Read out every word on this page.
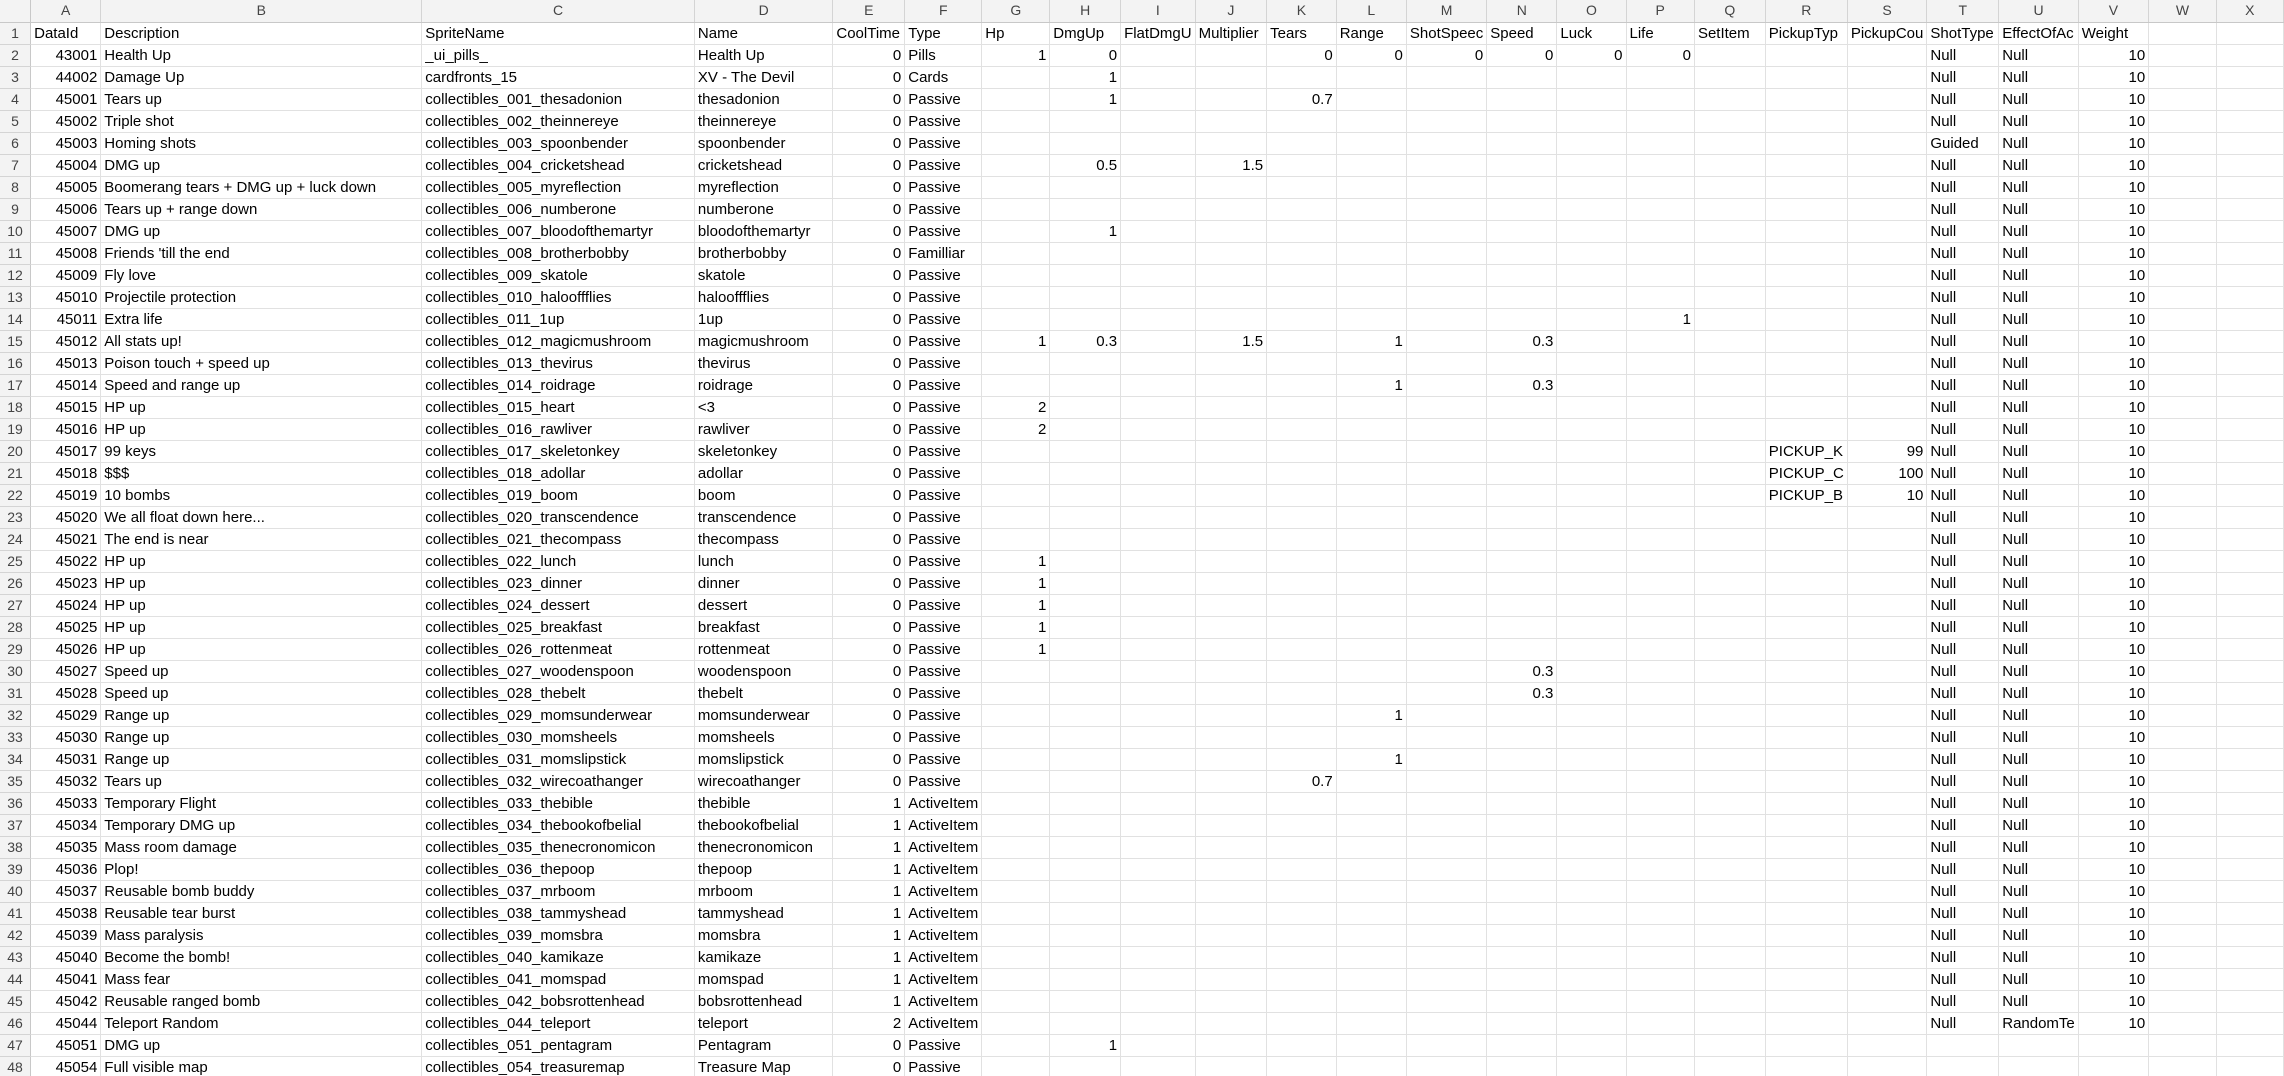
	A	B	C	D	E	F	G	H	I	J	K	L	M	N	O	P	Q	R	S	T	U	V	W	X
1	DataId	Description	SpriteName	Name	CoolTime	Type	Hp	DmgUp	FlatDmgU	Multiplier	Tears	Range	ShotSpeec	Speed	Luck	Life	SetItem	PickupTyp	PickupCou	ShotType	EffectOfAc	Weight		
2	43001	Health Up	_ui_pills_	Health Up	0	Pills	1	0			0	0	0	0	0	0				Null	Null	10		
3	44002	Damage Up	cardfronts_15	XV - The Devil	0	Cards		1												Null	Null	10		
4	45001	Tears up	collectibles_001_thesadonion	thesadonion	0	Passive		1			0.7									Null	Null	10		
5	45002	Triple shot	collectibles_002_theinnereye	theinnereye	0	Passive														Null	Null	10		
6	45003	Homing shots	collectibles_003_spoonbender	spoonbender	0	Passive														Guided	Null	10		
7	45004	DMG up	collectibles_004_cricketshead	cricketshead	0	Passive		0.5		1.5										Null	Null	10		
8	45005	Boomerang tears + DMG up + luck down	collectibles_005_myreflection	myreflection	0	Passive														Null	Null	10		
9	45006	Tears up + range down	collectibles_006_numberone	numberone	0	Passive														Null	Null	10		
10	45007	DMG up	collectibles_007_bloodofthemartyr	bloodofthemartyr	0	Passive		1												Null	Null	10		
11	45008	Friends 'till the end	collectibles_008_brotherbobby	brotherbobby	0	Familliar														Null	Null	10		
12	45009	Fly love	collectibles_009_skatole	skatole	0	Passive														Null	Null	10		
13	45010	Projectile protection	collectibles_010_halooffflies	halooffflies	0	Passive														Null	Null	10		
14	45011	Extra life	collectibles_011_1up	1up	0	Passive										1				Null	Null	10		
15	45012	All stats up!	collectibles_012_magicmushroom	magicmushroom	0	Passive	1	0.3		1.5		1		0.3						Null	Null	10		
16	45013	Poison touch + speed up	collectibles_013_thevirus	thevirus	0	Passive														Null	Null	10		
17	45014	Speed and range up	collectibles_014_roidrage	roidrage	0	Passive						1		0.3						Null	Null	10		
18	45015	HP up	collectibles_015_heart	<3	0	Passive	2													Null	Null	10		
19	45016	HP up	collectibles_016_rawliver	rawliver	0	Passive	2													Null	Null	10		
20	45017	99 keys	collectibles_017_skeletonkey	skeletonkey	0	Passive												PICKUP_K	99	Null	Null	10		
21	45018	$$$	collectibles_018_adollar	adollar	0	Passive												PICKUP_C	100	Null	Null	10		
22	45019	10 bombs	collectibles_019_boom	boom	0	Passive												PICKUP_B	10	Null	Null	10		
23	45020	We all float down here...	collectibles_020_transcendence	transcendence	0	Passive														Null	Null	10		
24	45021	The end is near	collectibles_021_thecompass	thecompass	0	Passive														Null	Null	10		
25	45022	HP up	collectibles_022_lunch	lunch	0	Passive	1													Null	Null	10		
26	45023	HP up	collectibles_023_dinner	dinner	0	Passive	1													Null	Null	10		
27	45024	HP up	collectibles_024_dessert	dessert	0	Passive	1													Null	Null	10		
28	45025	HP up	collectibles_025_breakfast	breakfast	0	Passive	1													Null	Null	10		
29	45026	HP up	collectibles_026_rottenmeat	rottenmeat	0	Passive	1													Null	Null	10		
30	45027	Speed up	collectibles_027_woodenspoon	woodenspoon	0	Passive								0.3						Null	Null	10		
31	45028	Speed up	collectibles_028_thebelt	thebelt	0	Passive								0.3						Null	Null	10		
32	45029	Range up	collectibles_029_momsunderwear	momsunderwear	0	Passive						1								Null	Null	10		
33	45030	Range up	collectibles_030_momsheels	momsheels	0	Passive														Null	Null	10		
34	45031	Range up	collectibles_031_momslipstick	momslipstick	0	Passive						1								Null	Null	10		
35	45032	Tears up	collectibles_032_wirecoathanger	wirecoathanger	0	Passive					0.7									Null	Null	10		
36	45033	Temporary Flight	collectibles_033_thebible	thebible	1	ActiveItem														Null	Null	10		
37	45034	Temporary DMG up	collectibles_034_thebookofbelial	thebookofbelial	1	ActiveItem														Null	Null	10		
38	45035	Mass room damage	collectibles_035_thenecronomicon	thenecronomicon	1	ActiveItem														Null	Null	10		
39	45036	Plop!	collectibles_036_thepoop	thepoop	1	ActiveItem														Null	Null	10		
40	45037	Reusable bomb buddy	collectibles_037_mrboom	mrboom	1	ActiveItem														Null	Null	10		
41	45038	Reusable tear burst	collectibles_038_tammyshead	tammyshead	1	ActiveItem														Null	Null	10		
42	45039	Mass paralysis	collectibles_039_momsbra	momsbra	1	ActiveItem														Null	Null	10		
43	45040	Become the bomb!	collectibles_040_kamikaze	kamikaze	1	ActiveItem														Null	Null	10		
44	45041	Mass fear	collectibles_041_momspad	momspad	1	ActiveItem														Null	Null	10		
45	45042	Reusable ranged bomb	collectibles_042_bobsrottenhead	bobsrottenhead	1	ActiveItem														Null	Null	10		
46	45044	Teleport Random	collectibles_044_teleport	teleport	2	ActiveItem														Null	RandomTe	10		
47	45051	DMG up	collectibles_051_pentagram	Pentagram	0	Passive		1																
48	45054	Full visible map	collectibles_054_treasuremap	Treasure Map	0	Passive																		
